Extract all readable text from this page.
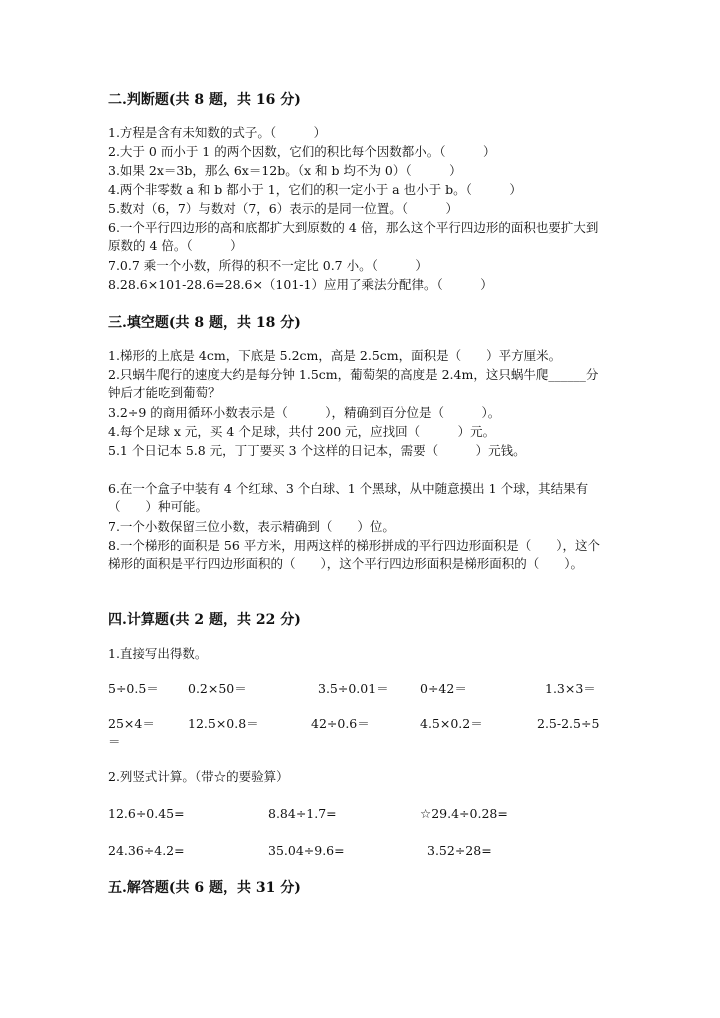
二.判断题(共 8 题，共 16 分)
1.方程是含有未知数的式子。（　　　）
2.大于 0 而小于 1 的两个因数，它们的积比每个因数都小。（　　　）
3.如果 2x＝3b，那么 6x＝12b。（x 和 b 均不为 0）（　　　）
4.两个非零数 a 和 b 都小于 1，它们的积一定小于 a 也小于 b。（　　　）
5.数对（6，7）与数对（7，6）表示的是同一位置。（　　　）
6.一个平行四边形的高和底都扩大到原数的 4 倍，那么这个平行四边形的面积也要扩大到原数的 4 倍。（　　　）
7.0.7 乘一个小数，所得的积不一定比 0.7 小。（　　　）
8.28.6×101-28.6=28.6×（101-1）应用了乘法分配律。（　　　）
三.填空题(共 8 题，共 18 分)
1.梯形的上底是 4cm，下底是 5.2cm，高是 2.5cm，面积是（　　）平方厘米。
2.只蜗牛爬行的速度大约是每分钟 1.5cm，葡萄架的高度是 2.4m，这只蜗牛爬______分钟后才能吃到葡萄？
3.2÷9 的商用循环小数表示是（　　　），精确到百分位是（　　　）。
4.每个足球 x 元，买 4 个足球，共付 200 元，应找回（　　　）元。
5.1 个日记本 5.8 元，丁丁要买 3 个这样的日记本，需要（　　　）元钱。
6.在一个盒子中装有 4 个红球、3 个白球、1 个黑球，从中随意摸出 1 个球，其结果有（　　）种可能。
7.一个小数保留三位小数，表示精确到（　　）位。
8.一个梯形的面积是 56 平方米，用两这样的梯形拼成的平行四边形面积是（　　），这个梯形的面积是平行四边形面积的（　　），这个平行四边形面积是梯形面积的（　　）。
四.计算题(共 2 题，共 22 分)
1.直接写出得数。
5÷0.5＝ 0.2×50＝	3.5÷0.01＝	0÷42＝	1.3×3＝
25×4＝	12.5×0.8＝	42÷0.6＝	4.5×0.2＝	2.5-2.5÷5
＝
2.列竖式计算。（带☆的要验算）
12.6÷0.45=	8.84÷1.7=	☆29.4÷0.28=
24.36÷4.2=	35.04÷9.6=	3.52÷28=
五.解答题(共 6 题，共 31 分)
